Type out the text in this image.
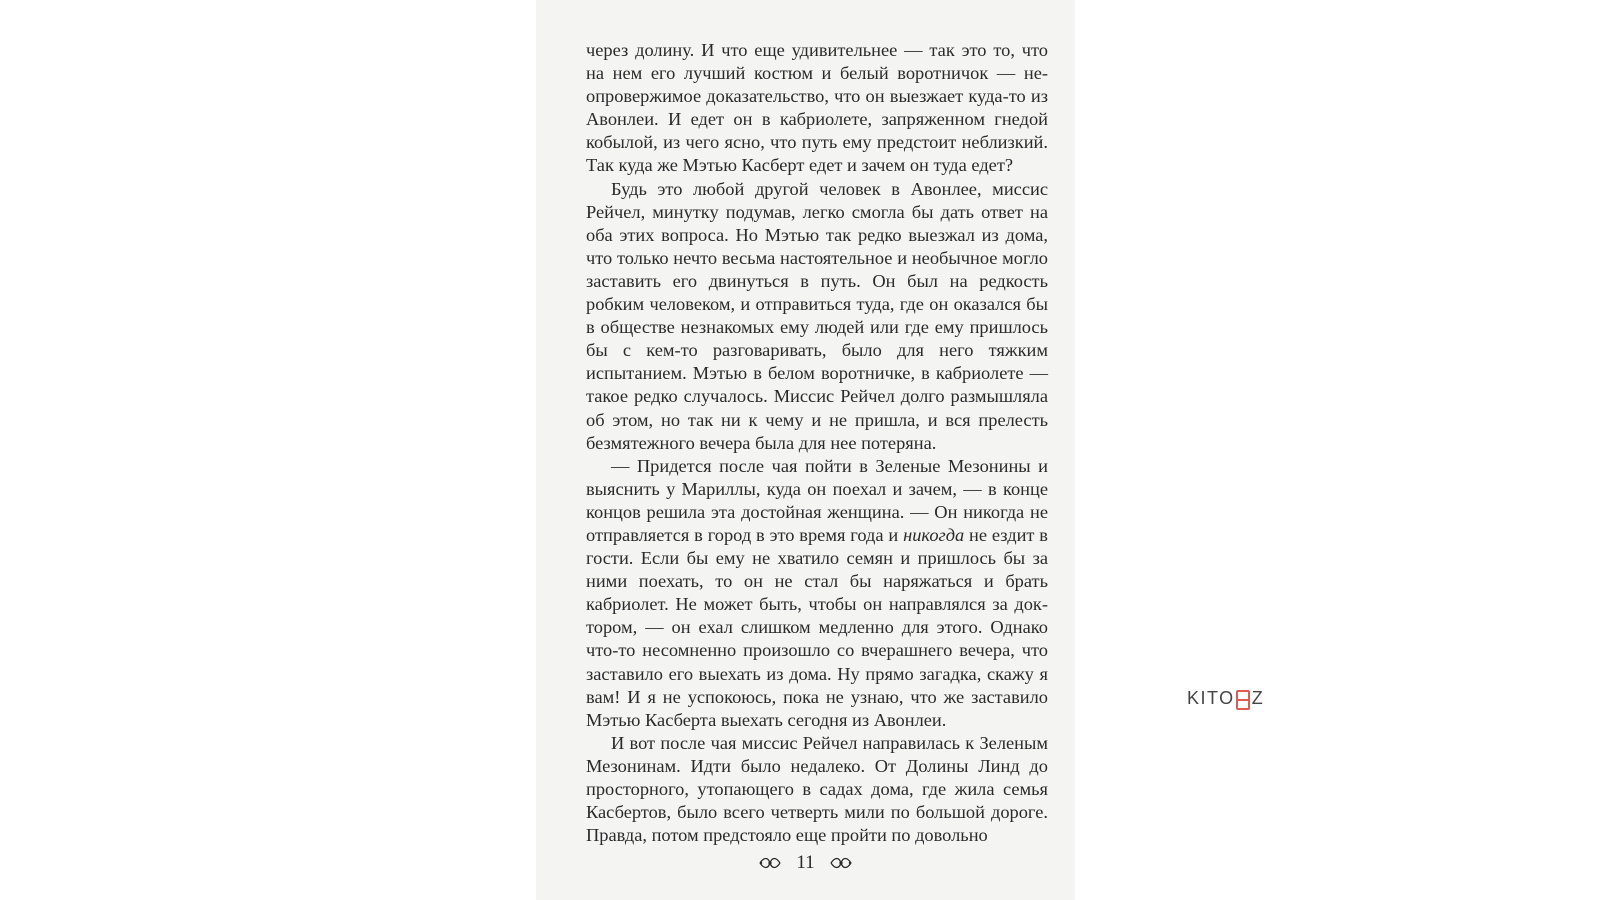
через долину. И что еще удивительнее — так это то, что на нем его лучший костюм и белый воротничок — неопровержимое доказательство, что он выезжает куда-то из Авонлеи. И едет он в кабриолете, запряженном гнедой кобылой, из чего ясно, что путь ему предстоит неблизкий. Так куда же Мэтью Касберт едет и зачем он туда едет?

Будь это любой другой человек в Авонлее, миссис Рейчел, минутку подумав, легко смогла бы дать ответ на оба этих вопроса. Но Мэтью так редко выезжал из дома, что только нечто весьма настоятельное и необычное могло заставить его двинуться в путь. Он был на редкость робким человеком, и отправиться туда, где он оказался бы в обществе незнакомых ему людей или где ему пришлось бы с кем-то разговаривать, было для него тяжким испытанием. Мэтью в белом воротничке, в кабриолете — такое редко случалось. Миссис Рейчел долго размышляла об этом, но так ни к чему и не пришла, и вся прелесть безмятежного вечера была для нее потеряна.

— Придется после чая пойти в Зеленые Мезонины и выяснить у Мариллы, куда он поехал и зачем, — в конце концов решила эта достойная женщина. — Он никогда не отправляется в город в это время года и никогда не ездит в гости. Если бы ему не хватило семян и пришлось бы за ними поехать, то он не стал бы наряжаться и брать кабриолет. Не может быть, чтобы он направлялся за доктором, — он ехал слишком медленно для этого. Однако что-то несомненно произошло со вчерашнего вечера, что заставило его выехать из дома. Ну прямо загадка, скажу я вам! И я не успокоюсь, пока не узнаю, что же заставило Мэтью Касберта выехать сегодня из Авонлеи.

И вот после чая миссис Рейчел направилась к Зеленым Мезонинам. Идти было недалеко. От Долины Линд до просторного, утопающего в садах дома, где жила семья Касбертов, было всего четверть мили по большой дороге. Правда, потом предстояло еще пройти по довольно

11
KITO Z
